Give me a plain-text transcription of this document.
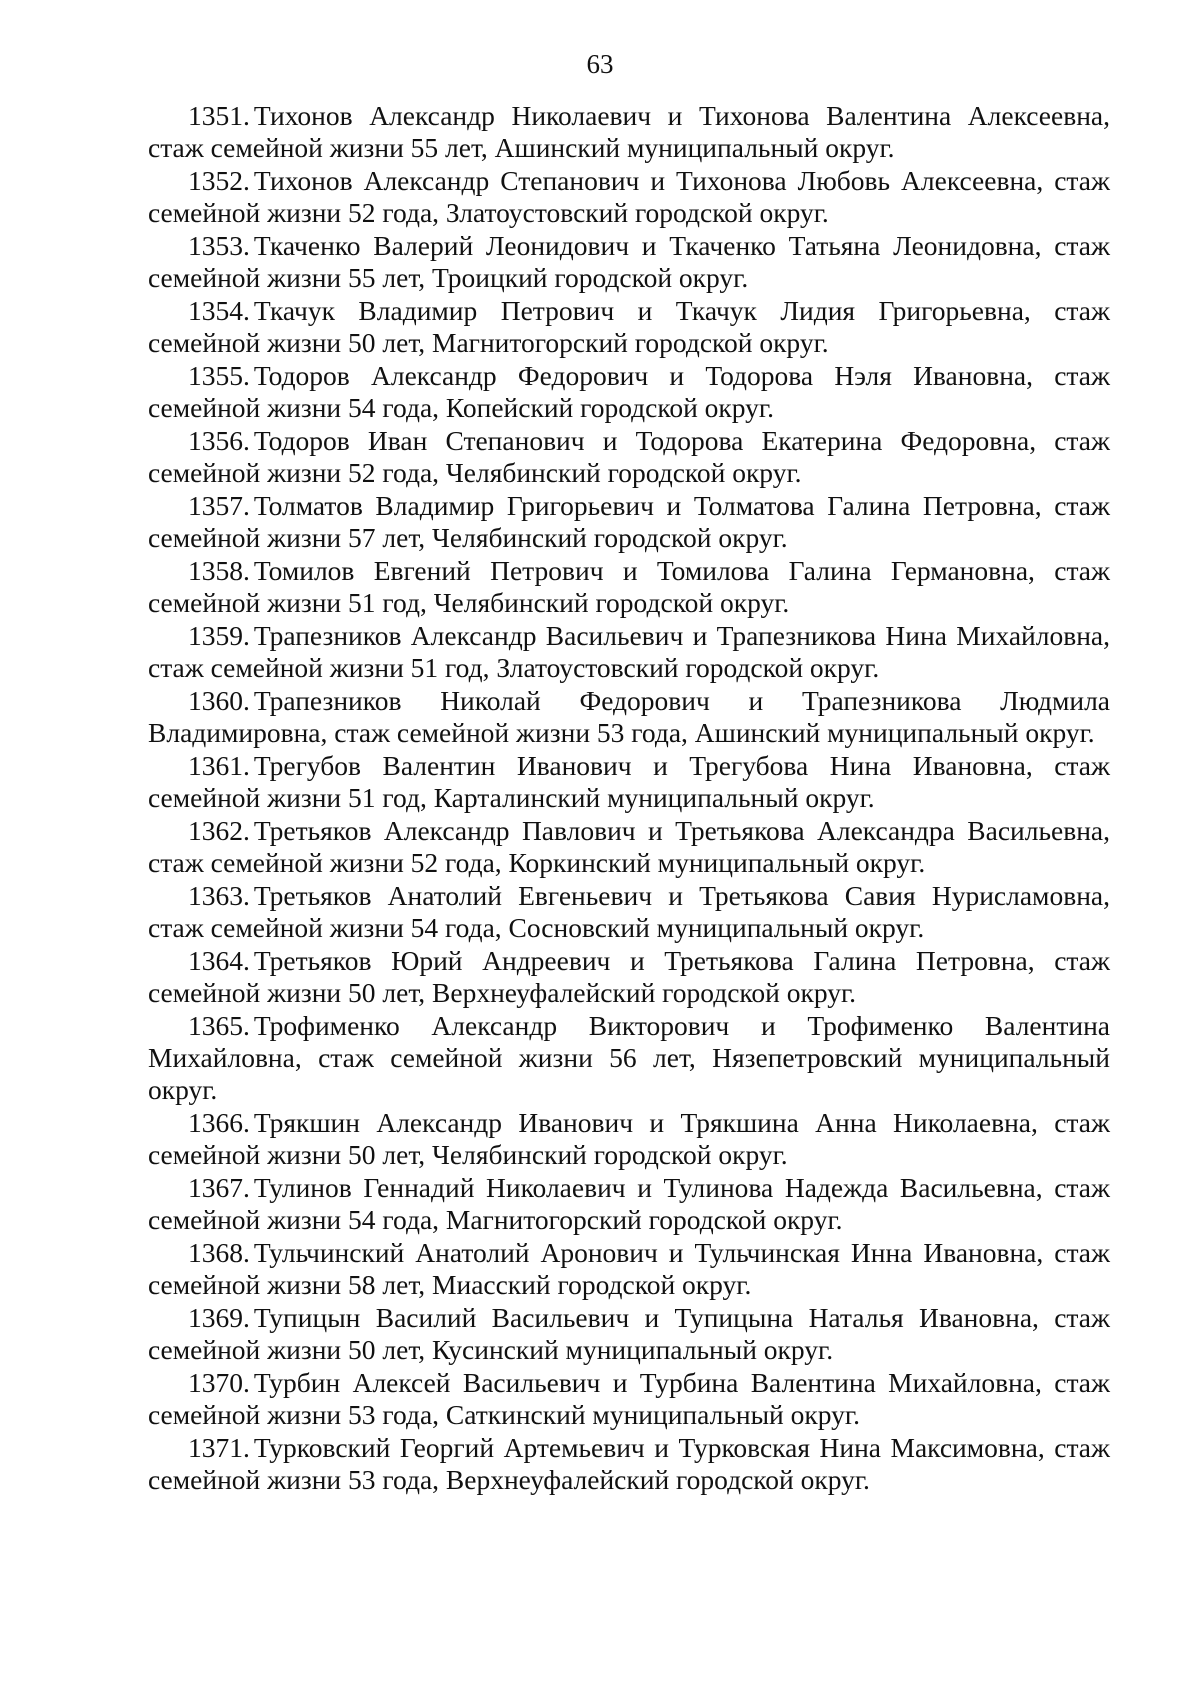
63

1351. Тихонов Александр Николаевич и Тихонова Валентина Алексеевна, стаж семейной жизни 55 лет, Ашинский муниципальный округ.

1352. Тихонов Александр Степанович и Тихонова Любовь Алексеевна, стаж семейной жизни 52 года, Златоустовский городской округ.

1353. Ткаченко Валерий Леонидович и Ткаченко Татьяна Леонидовна, стаж семейной жизни 55 лет, Троицкий городской округ.

1354. Ткачук Владимир Петрович и Ткачук Лидия Григорьевна, стаж семейной жизни 50 лет, Магнитогорский городской округ.

1355. Тодоров Александр Федорович и Тодорова Нэля Ивановна, стаж семейной жизни 54 года, Копейский городской округ.

1356. Тодоров Иван Степанович и Тодорова Екатерина Федоровна, стаж семейной жизни 52 года, Челябинский городской округ.

1357. Толматов Владимир Григорьевич и Толматова Галина Петровна, стаж семейной жизни 57 лет, Челябинский городской округ.

1358. Томилов Евгений Петрович и Томилова Галина Германовна, стаж семейной жизни 51 год, Челябинский городской округ.

1359. Трапезников Александр Васильевич и Трапезникова Нина Михайловна, стаж семейной жизни 51 год, Златоустовский городской округ.

1360. Трапезников Николай Федорович и Трапезникова Людмила Владимировна, стаж семейной жизни 53 года, Ашинский муниципальный округ.

1361. Трегубов Валентин Иванович и Трегубова Нина Ивановна, стаж семейной жизни 51 год, Карталинский муниципальный округ.

1362. Третьяков Александр Павлович и Третьякова Александра Васильевна, стаж семейной жизни 52 года, Коркинский муниципальный округ.

1363. Третьяков Анатолий Евгеньевич и Третьякова Савия Нурисламовна, стаж семейной жизни 54 года, Сосновский муниципальный округ.

1364. Третьяков Юрий Андреевич и Третьякова Галина Петровна, стаж семейной жизни 50 лет, Верхнеуфалейский городской округ.

1365. Трофименко Александр Викторович и Трофименко Валентина Михайловна, стаж семейной жизни 56 лет, Нязепетровский муниципальный округ.

1366. Трякшин Александр Иванович и Трякшина Анна Николаевна, стаж семейной жизни 50 лет, Челябинский городской округ.

1367. Тулинов Геннадий Николаевич и Тулинова Надежда Васильевна, стаж семейной жизни 54 года, Магнитогорский городской округ.

1368. Тульчинский Анатолий Аронович и Тульчинская Инна Ивановна, стаж семейной жизни 58 лет, Миасский городской округ.

1369. Тупицын Василий Васильевич и Тупицына Наталья Ивановна, стаж семейной жизни 50 лет, Кусинский муниципальный округ.

1370. Турбин Алексей Васильевич и Турбина Валентина Михайловна, стаж семейной жизни 53 года, Саткинский муниципальный округ.

1371. Турковский Георгий Артемьевич и Турковская Нина Максимовна, стаж семейной жизни 53 года, Верхнеуфалейский городской округ.
